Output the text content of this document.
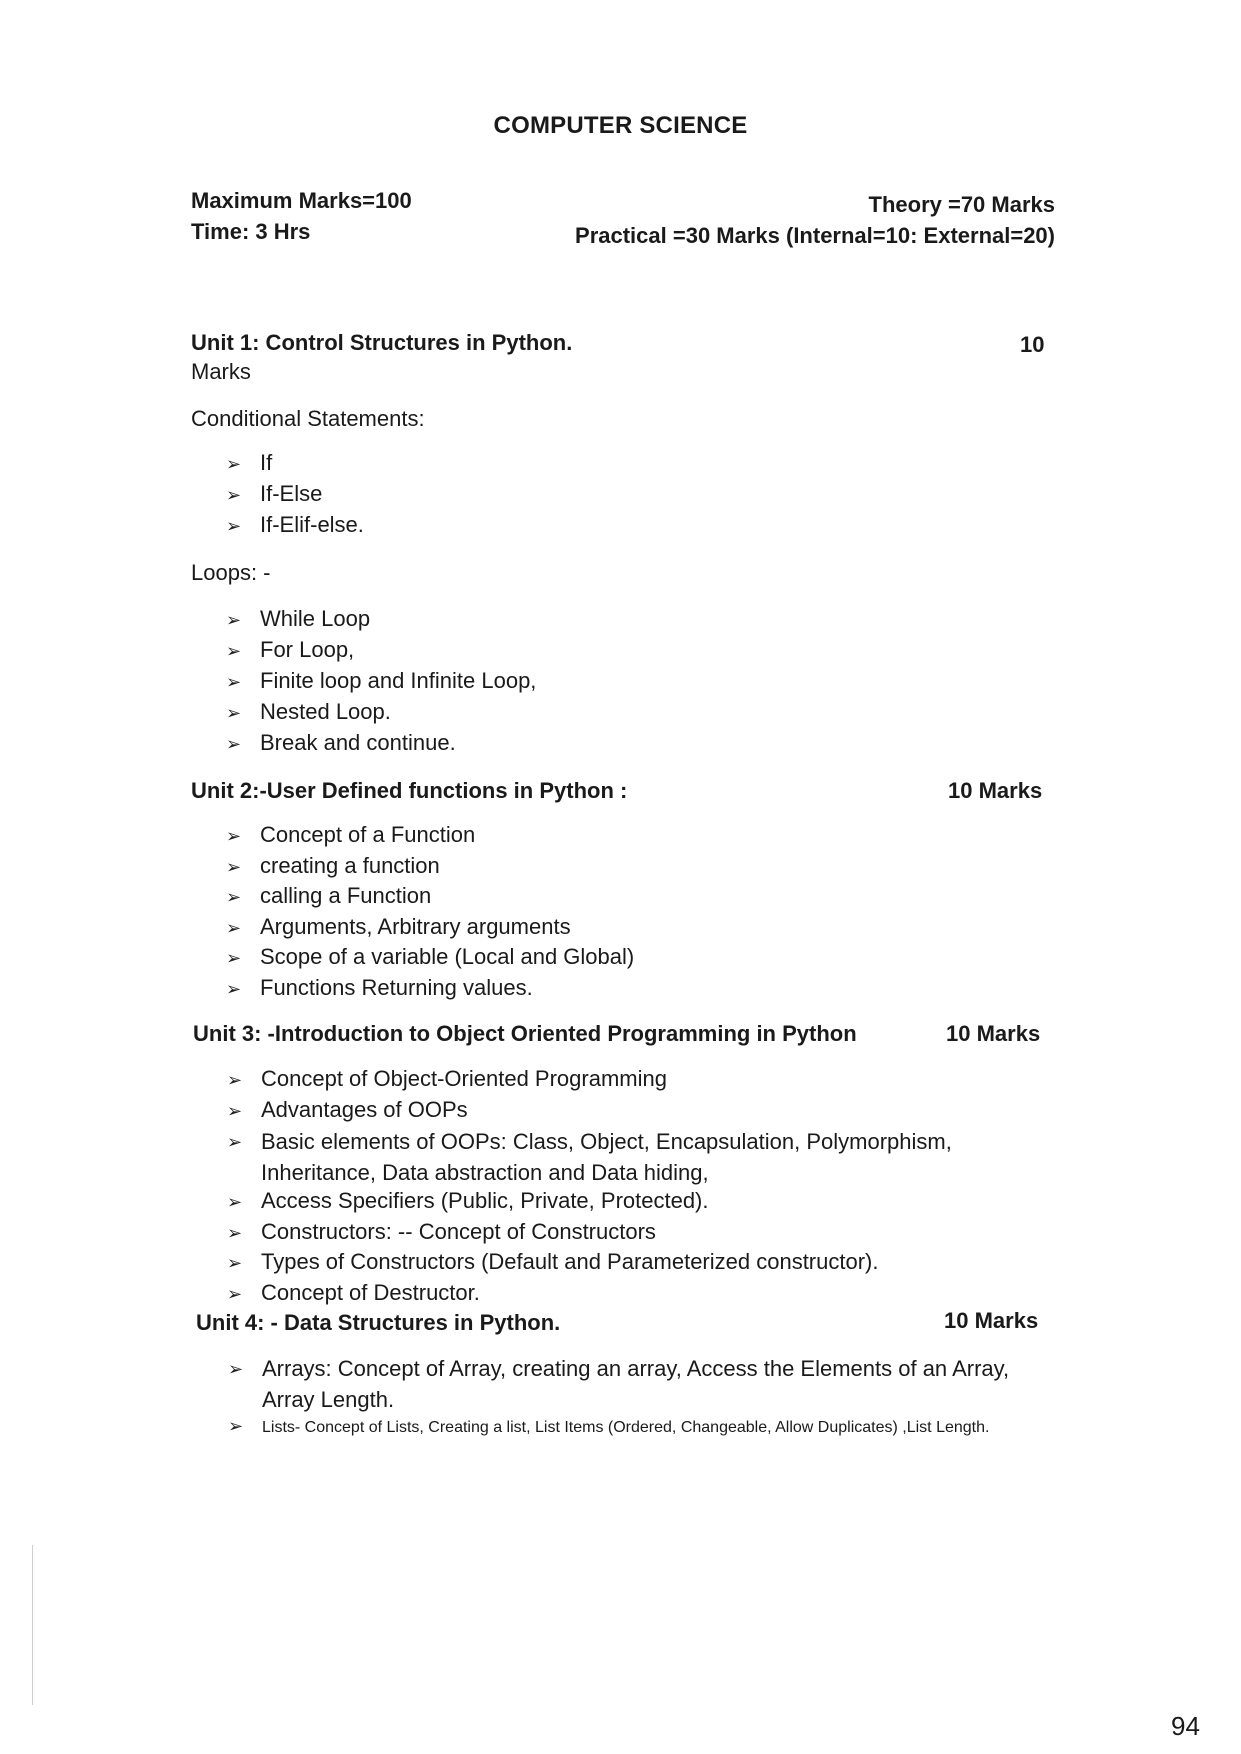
COMPUTER SCIENCE
Maximum Marks=100
Time: 3 Hrs
Theory =70 Marks
Practical =30 Marks (Internal=10: External=20)
Unit 1: Control Structures in Python.	10
Marks
Conditional Statements:
➢ If
➢ If-Else
➢ If-Elif-else.
Loops: -
➢ While Loop
➢ For Loop,
➢ Finite loop and Infinite Loop,
➢ Nested Loop.
➢ Break and continue.
Unit 2:-User Defined functions in Python :	10 Marks
➢ Concept of a Function
➢ creating a function
➢ calling a Function
➢ Arguments, Arbitrary arguments
➢ Scope of a variable (Local and Global)
➢ Functions Returning values.
Unit 3: -Introduction to Object Oriented Programming in Python	10 Marks
➢ Concept of Object-Oriented Programming
➢ Advantages of OOPs
➢ Basic elements of OOPs: Class, Object, Encapsulation, Polymorphism, Inheritance, Data abstraction and Data hiding,
➢ Access Specifiers (Public, Private, Protected).
➢ Constructors: -- Concept of Constructors
➢ Types of Constructors (Default and Parameterized constructor).
➢ Concept of Destructor.
Unit 4: - Data Structures in Python.	10 Marks
➢ Arrays: Concept of Array, creating an array, Access the Elements of an Array, Array Length.
➢	Lists- Concept of Lists, Creating a list, List Items (Ordered, Changeable, Allow Duplicates) ,List Length.
94
